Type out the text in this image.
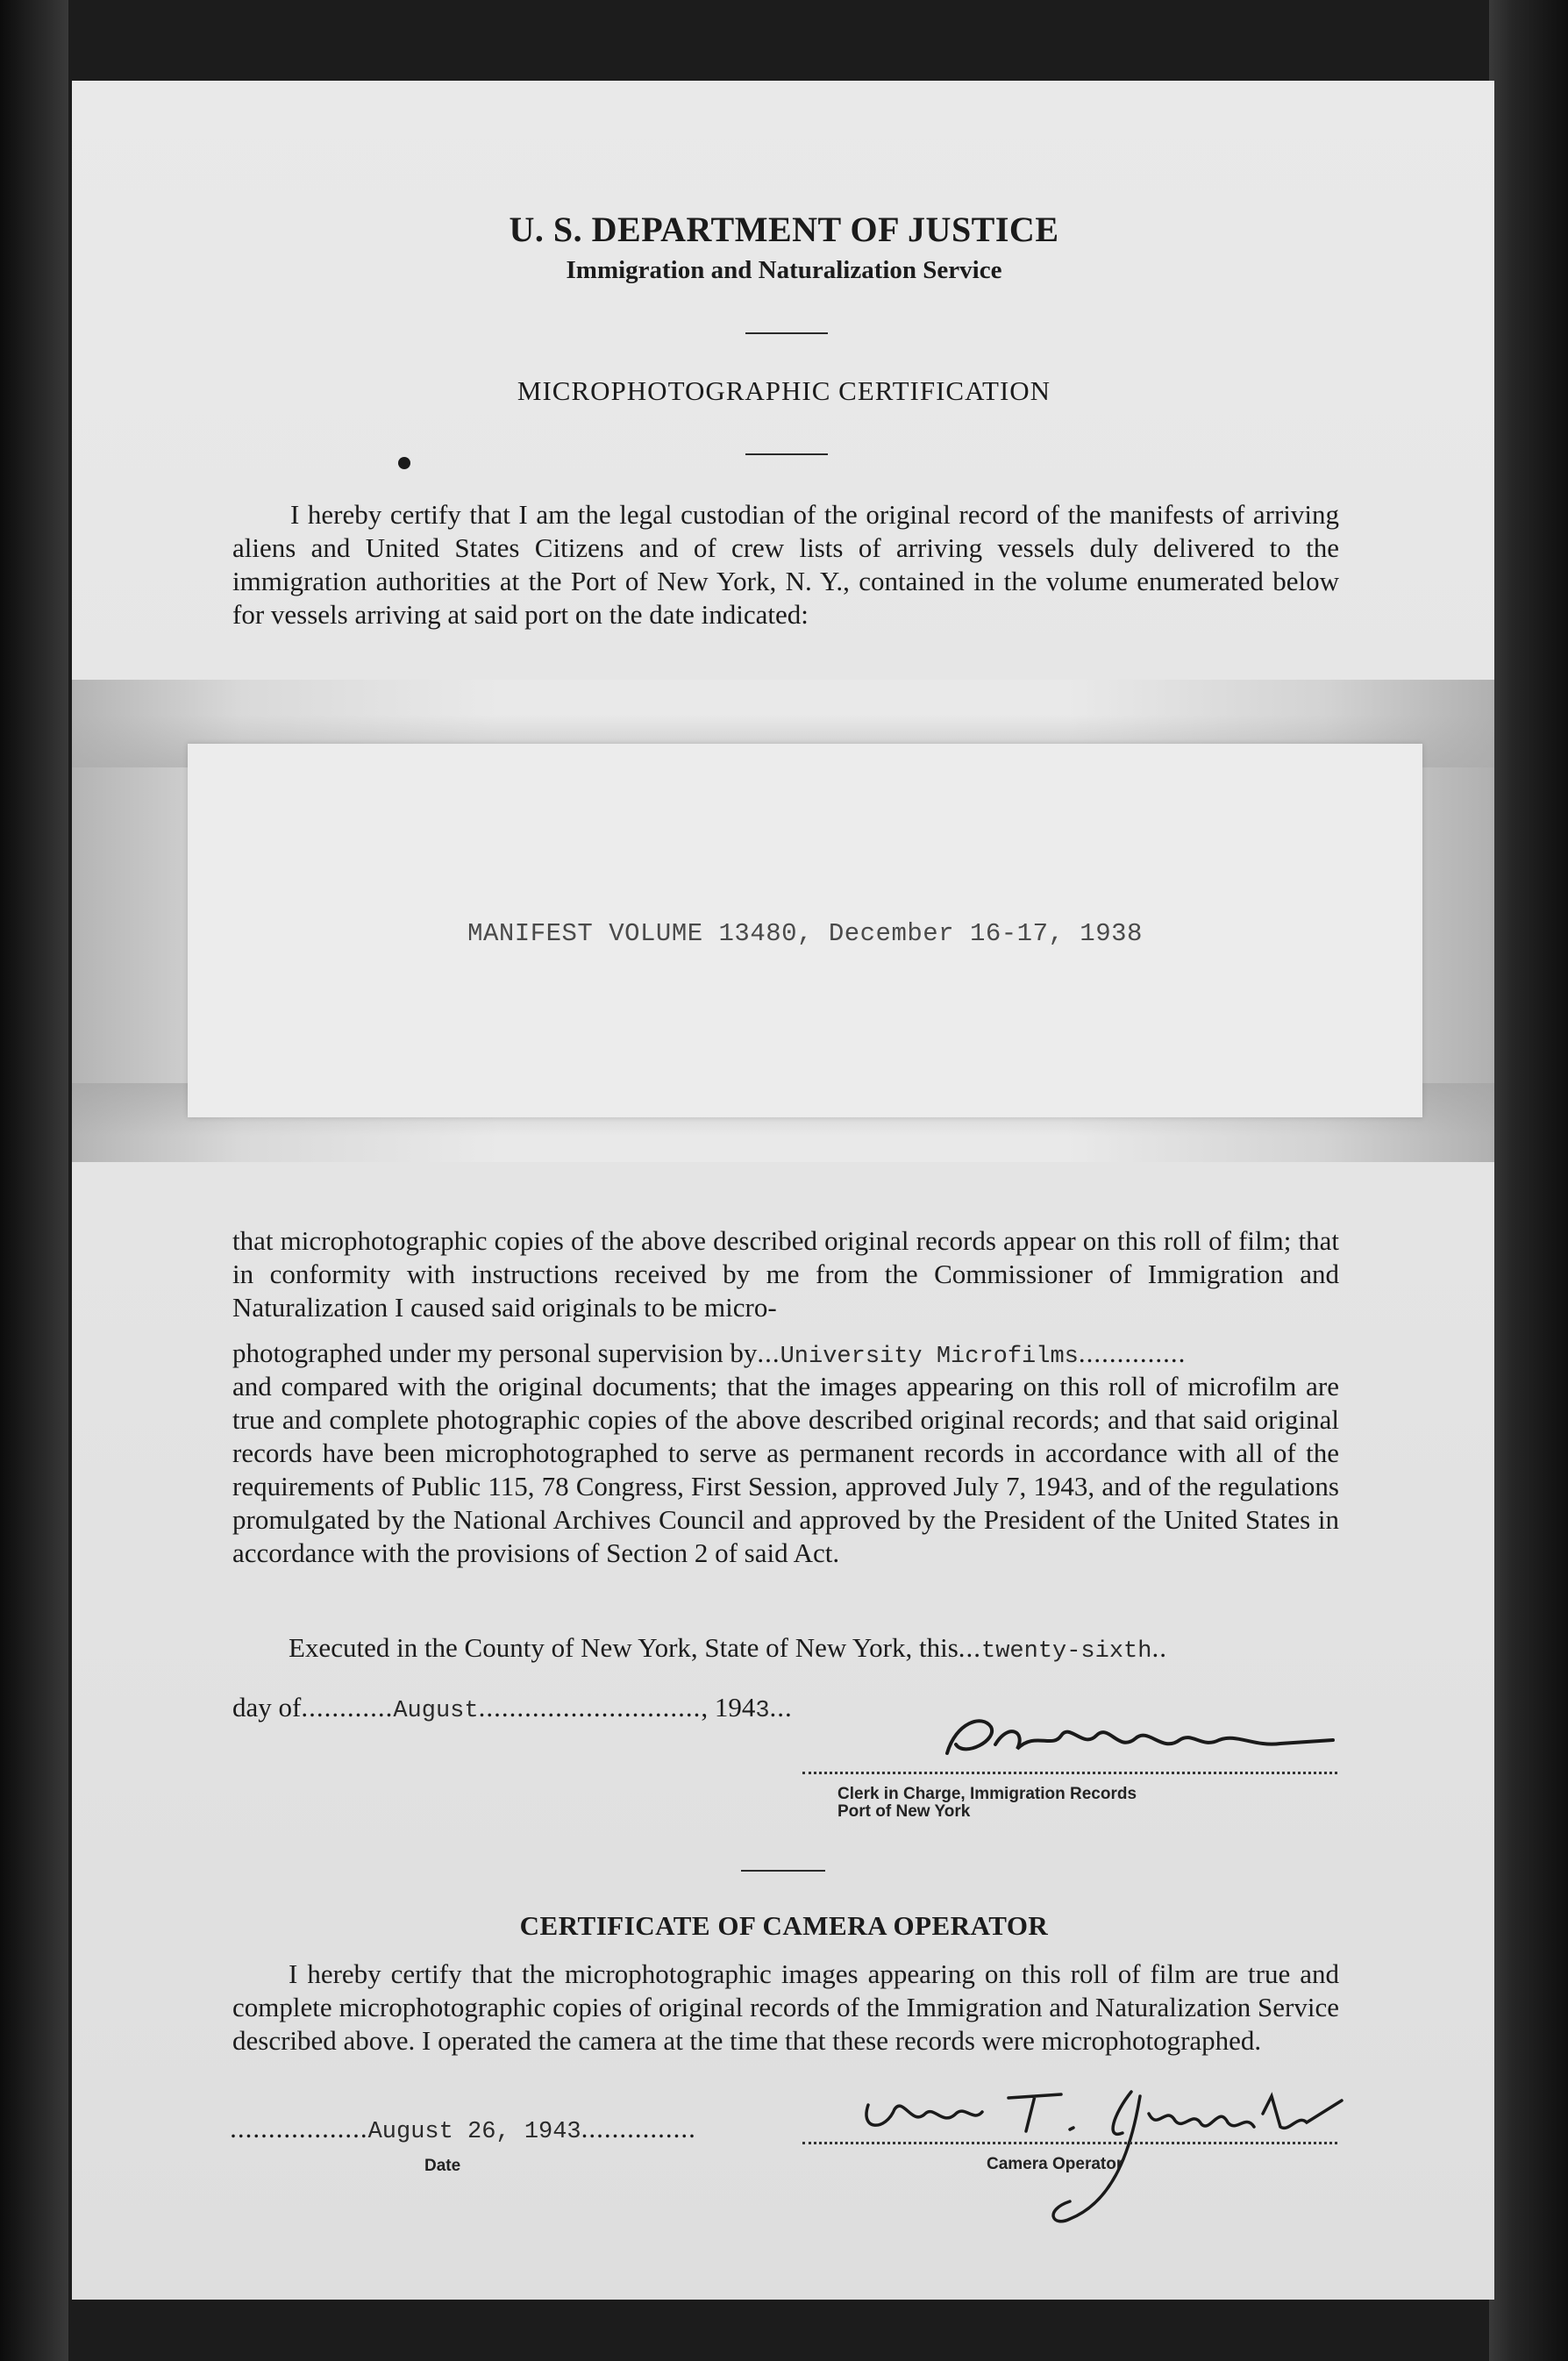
U. S. DEPARTMENT OF JUSTICE
Immigration and Naturalization Service
MICROPHOTOGRAPHIC CERTIFICATION
I hereby certify that I am the legal custodian of the original record of the manifests of arriving aliens and United States Citizens and of crew lists of arriving vessels duly delivered to the immigration authorities at the Port of New York, N. Y., contained in the volume enumerated below for vessels arriving at said port on the date indicated:
MANIFEST VOLUME 13480, December 16-17, 1938
that microphotographic copies of the above described original records appear on this roll of film; that in conformity with instructions received by me from the Commissioner of Immigration and Naturalization I caused said originals to be micro-
photographed under my personal supervision by...University Microfilms..............
and compared with the original documents; that the images appearing on this roll of microfilm are true and complete photographic copies of the above described original records; and that said original records have been microphotographed to serve as permanent records in accordance with all of the requirements of Public 115, 78 Congress, First Session, approved July 7, 1943, and of the regulations promulgated by the National Archives Council and approved by the President of the United States in accordance with the provisions of Section 2 of said Act.
Executed in the County of New York, State of New York, this...twenty-sixth..
day of............August............................., 1943...
Clerk in Charge, Immigration Records
Port of New York
CERTIFICATE OF CAMERA OPERATOR
I hereby certify that the microphotographic images appearing on this roll of film are true and complete microphotographic copies of original records of the Immigration and Naturalization Service described above. I operated the camera at the time that these records were microphotographed.
..................August 26, 1943...............
Date	Camera Operator
